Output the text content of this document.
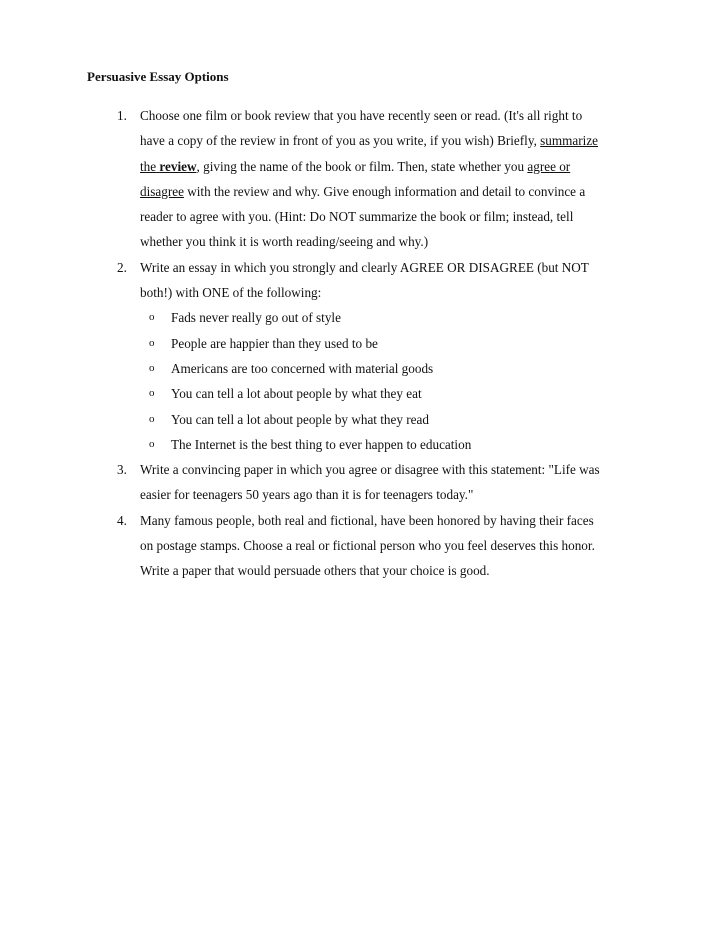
Persuasive Essay Options
1. Choose one film or book review that you have recently seen or read. (It's all right to
have a copy of the review in front of you as you write, if you wish) Briefly, summarize
the review, giving the name of the book or film. Then, state whether you agree or
disagree with the review and why. Give enough information and detail to convince a
reader to agree with you. (Hint: Do NOT summarize the book or film; instead, tell
whether you think it is worth reading/seeing and why.)
2. Write an essay in which you strongly and clearly AGREE OR DISAGREE (but NOT
both!) with ONE of the following:
o Fads never really go out of style
o People are happier than they used to be
o Americans are too concerned with material goods
o You can tell a lot about people by what they eat
o You can tell a lot about people by what they read
o The Internet is the best thing to ever happen to education
3. Write a convincing paper in which you agree or disagree with this statement: "Life was
easier for teenagers 50 years ago than it is for teenagers today."
4. Many famous people, both real and fictional, have been honored by having their faces
on postage stamps. Choose a real or fictional person who you feel deserves this honor.
Write a paper that would persuade others that your choice is good.
